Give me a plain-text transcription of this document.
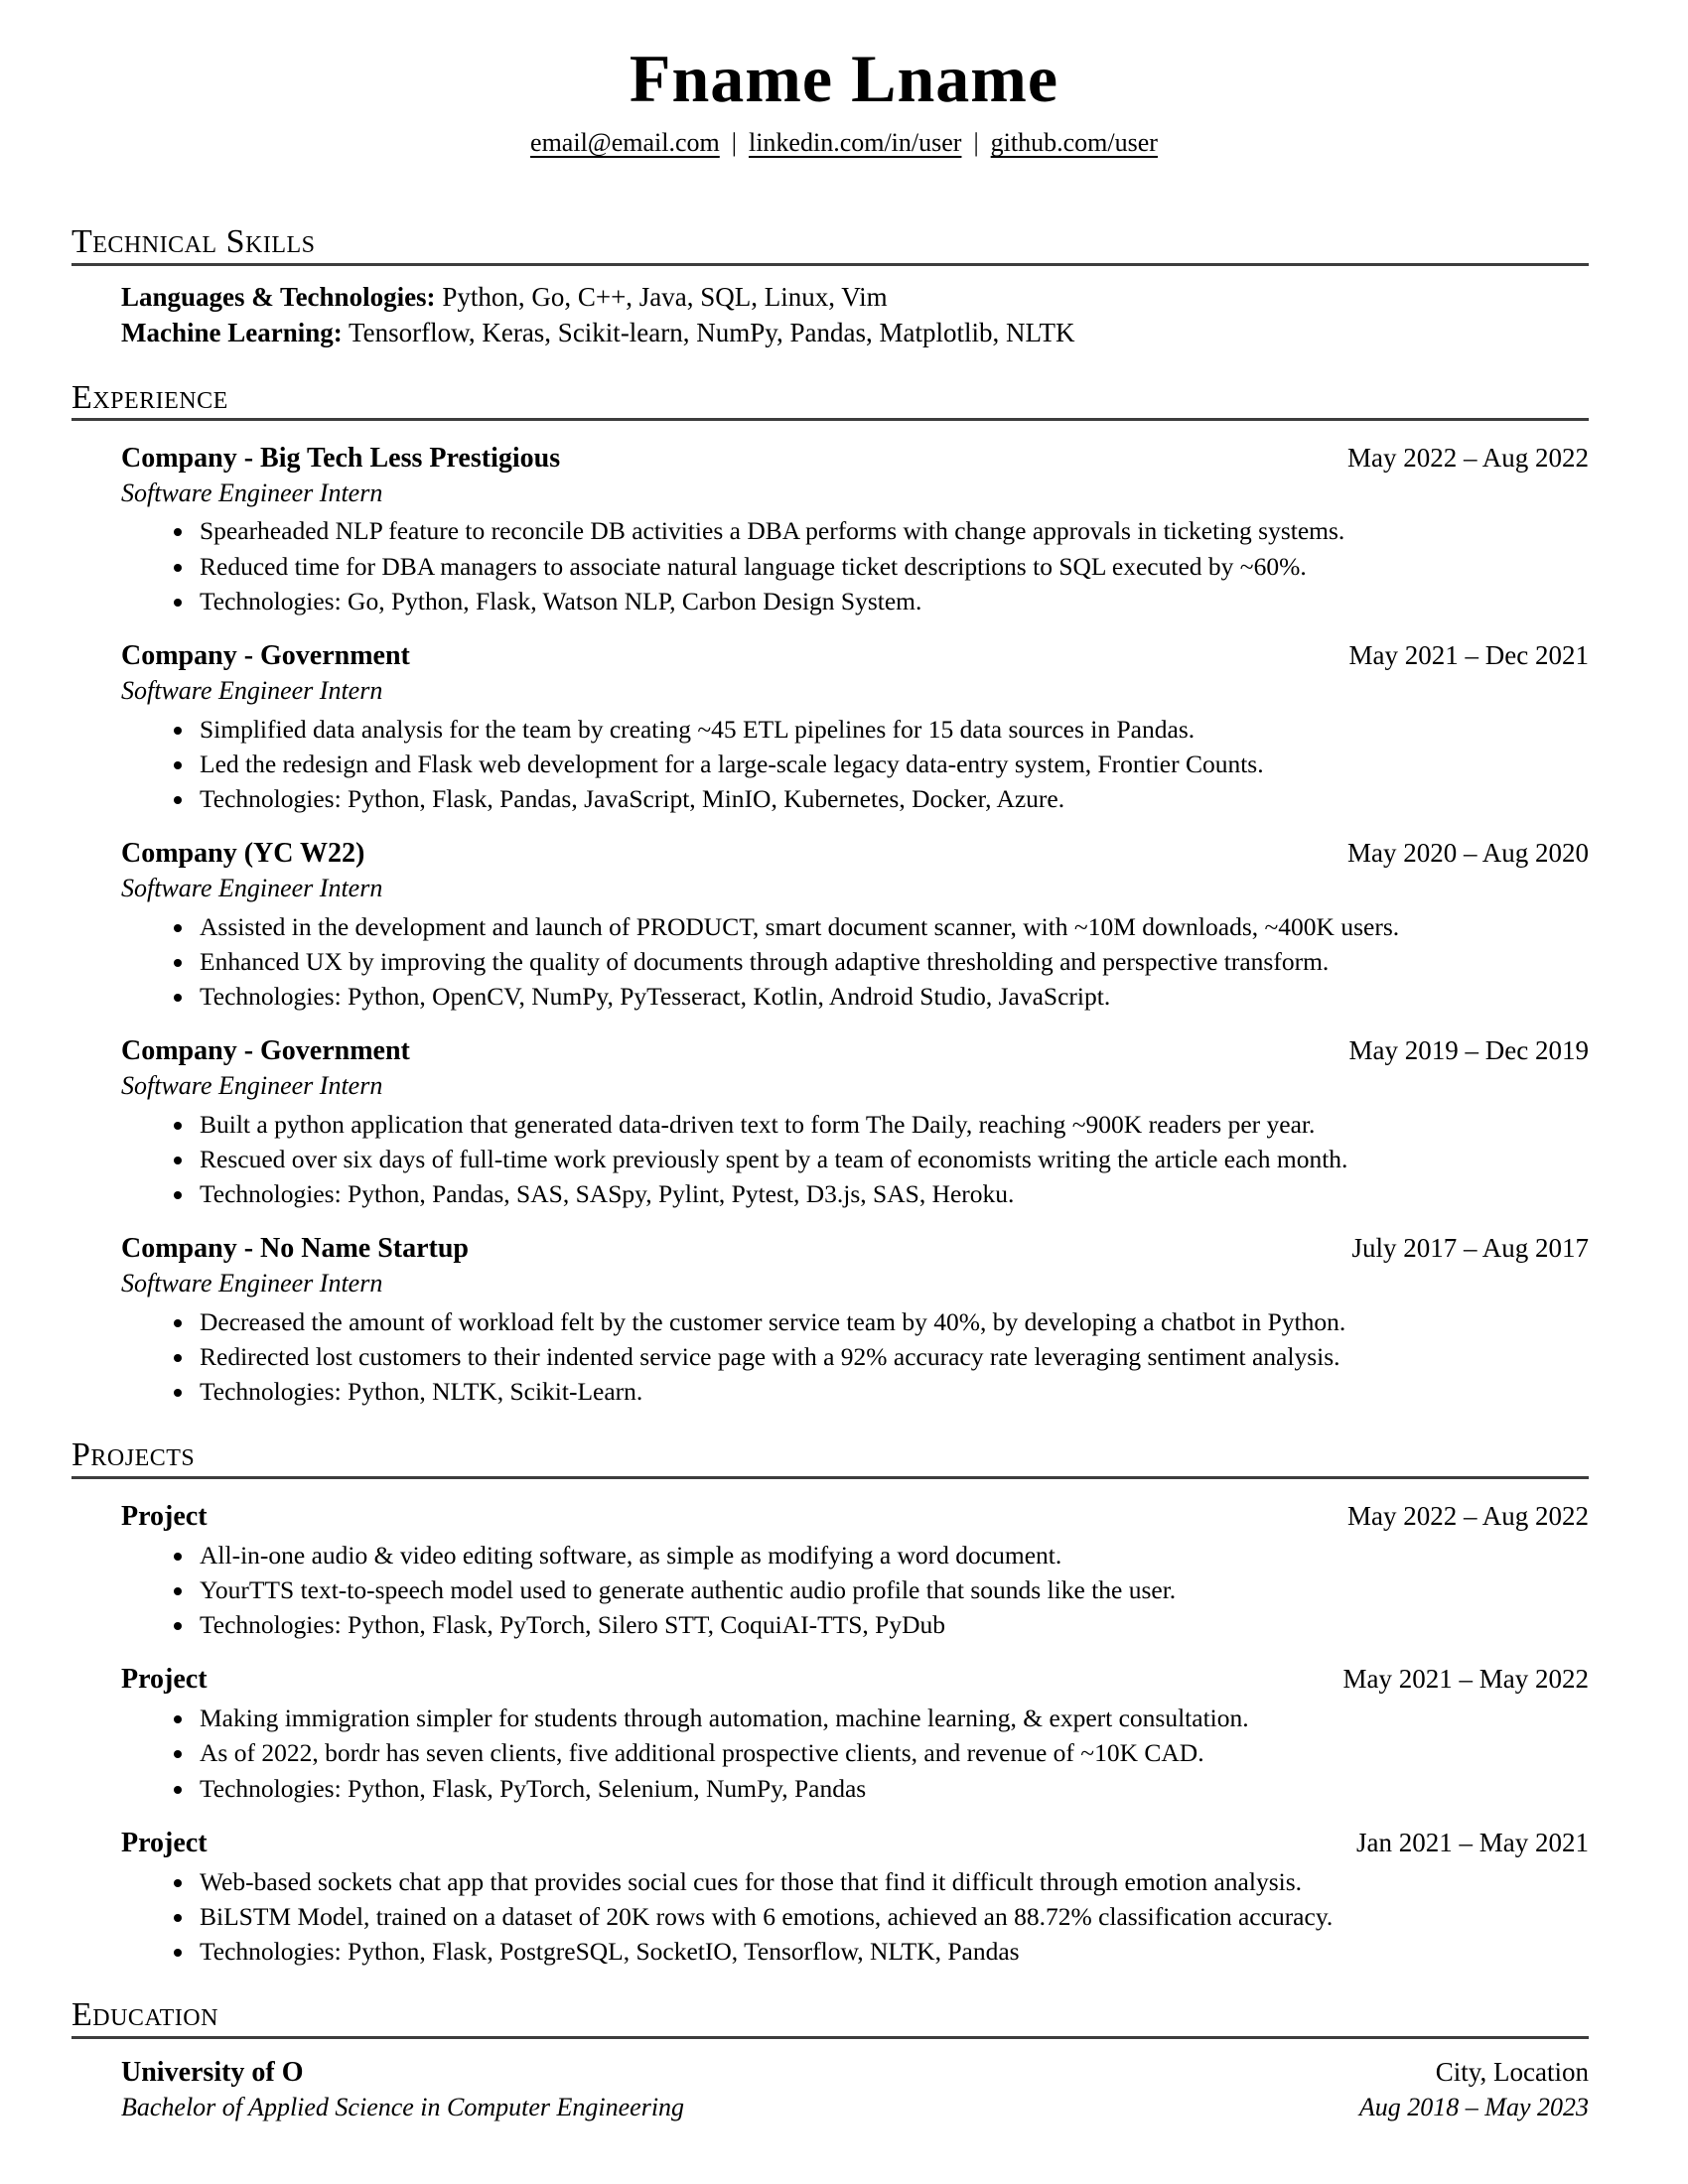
Fname Lname
email@email.com | linkedin.com/in/user | github.com/user
Technical Skills
Languages & Technologies: Python, Go, C++, Java, SQL, Linux, Vim
Machine Learning: Tensorflow, Keras, Scikit-learn, NumPy, Pandas, Matplotlib, NLTK
Experience
Company - Big Tech Less Prestigious	May 2022 – Aug 2022
Software Engineer Intern
• Spearheaded NLP feature to reconcile DB activities a DBA performs with change approvals in ticketing systems.
• Reduced time for DBA managers to associate natural language ticket descriptions to SQL executed by ~60%.
• Technologies: Go, Python, Flask, Watson NLP, Carbon Design System.
Company - Government	May 2021 – Dec 2021
Software Engineer Intern
• Simplified data analysis for the team by creating ~45 ETL pipelines for 15 data sources in Pandas.
• Led the redesign and Flask web development for a large-scale legacy data-entry system, Frontier Counts.
• Technologies: Python, Flask, Pandas, JavaScript, MinIO, Kubernetes, Docker, Azure.
Company (YC W22)	May 2020 – Aug 2020
Software Engineer Intern
• Assisted in the development and launch of PRODUCT, smart document scanner, with ~10M downloads, ~400K users.
• Enhanced UX by improving the quality of documents through adaptive thresholding and perspective transform.
• Technologies: Python, OpenCV, NumPy, PyTesseract, Kotlin, Android Studio, JavaScript.
Company - Government	May 2019 – Dec 2019
Software Engineer Intern
• Built a python application that generated data-driven text to form The Daily, reaching ~900K readers per year.
• Rescued over six days of full-time work previously spent by a team of economists writing the article each month.
• Technologies: Python, Pandas, SAS, SASpy, Pylint, Pytest, D3.js, SAS, Heroku.
Company - No Name Startup	July 2017 – Aug 2017
Software Engineer Intern
• Decreased the amount of workload felt by the customer service team by 40%, by developing a chatbot in Python.
• Redirected lost customers to their indented service page with a 92% accuracy rate leveraging sentiment analysis.
• Technologies: Python, NLTK, Scikit-Learn.
Projects
Project	May 2022 – Aug 2022
• All-in-one audio & video editing software, as simple as modifying a word document.
• YourTTS text-to-speech model used to generate authentic audio profile that sounds like the user.
• Technologies: Python, Flask, PyTorch, Silero STT, CoquiAI-TTS, PyDub
Project	May 2021 – May 2022
• Making immigration simpler for students through automation, machine learning, & expert consultation.
• As of 2022, bordr has seven clients, five additional prospective clients, and revenue of ~10K CAD.
• Technologies: Python, Flask, PyTorch, Selenium, NumPy, Pandas
Project	Jan 2021 – May 2021
• Web-based sockets chat app that provides social cues for those that find it difficult through emotion analysis.
• BiLSTM Model, trained on a dataset of 20K rows with 6 emotions, achieved an 88.72% classification accuracy.
• Technologies: Python, Flask, PostgreSQL, SocketIO, Tensorflow, NLTK, Pandas
Education
University of O	City, Location
Bachelor of Applied Science in Computer Engineering	Aug 2018 – May 2023
